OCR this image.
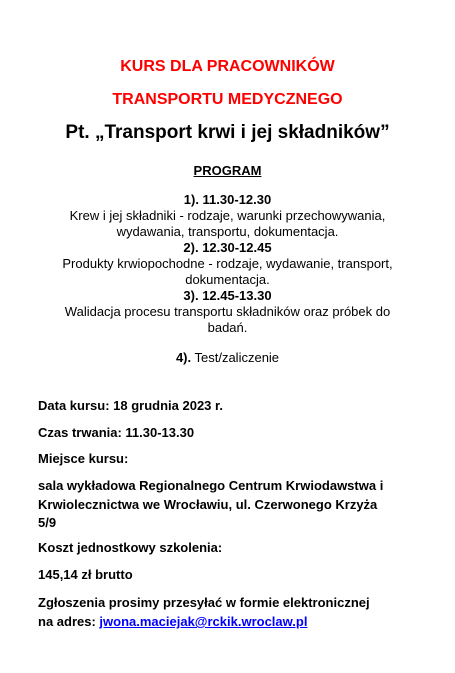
KURS DLA PRACOWNIKÓW

TRANSPORTU MEDYCZNEGO

Pt. „Transport krwi i jej składników”
PROGRAM
1). 11.30-12.30
Krew i jej składniki - rodzaje, warunki przechowywania,
wydawania, transportu, dokumentacja.
2). 12.30-12.45
Produkty krwiopochodne - rodzaje, wydawanie, transport,
dokumentacja.
3). 12.45-13.30
Walidacja procesu transportu składników oraz próbek do
badań.
4). Test/zaliczenie
Data kursu: 18 grudnia 2023 r.
Czas trwania: 11.30-13.30
Miejsce kursu:
sala wykładowa Regionalnego Centrum Krwiodawstwa i
Krwiolecznictwa we Wrocławiu, ul. Czerwonego Krzyża
5/9
Koszt jednostkowy szkolenia:
145,14 zł brutto
Zgłoszenia prosimy przesyłać w formie elektronicznej
na adres: jwona.maciejak@rckik.wroclaw.pl
